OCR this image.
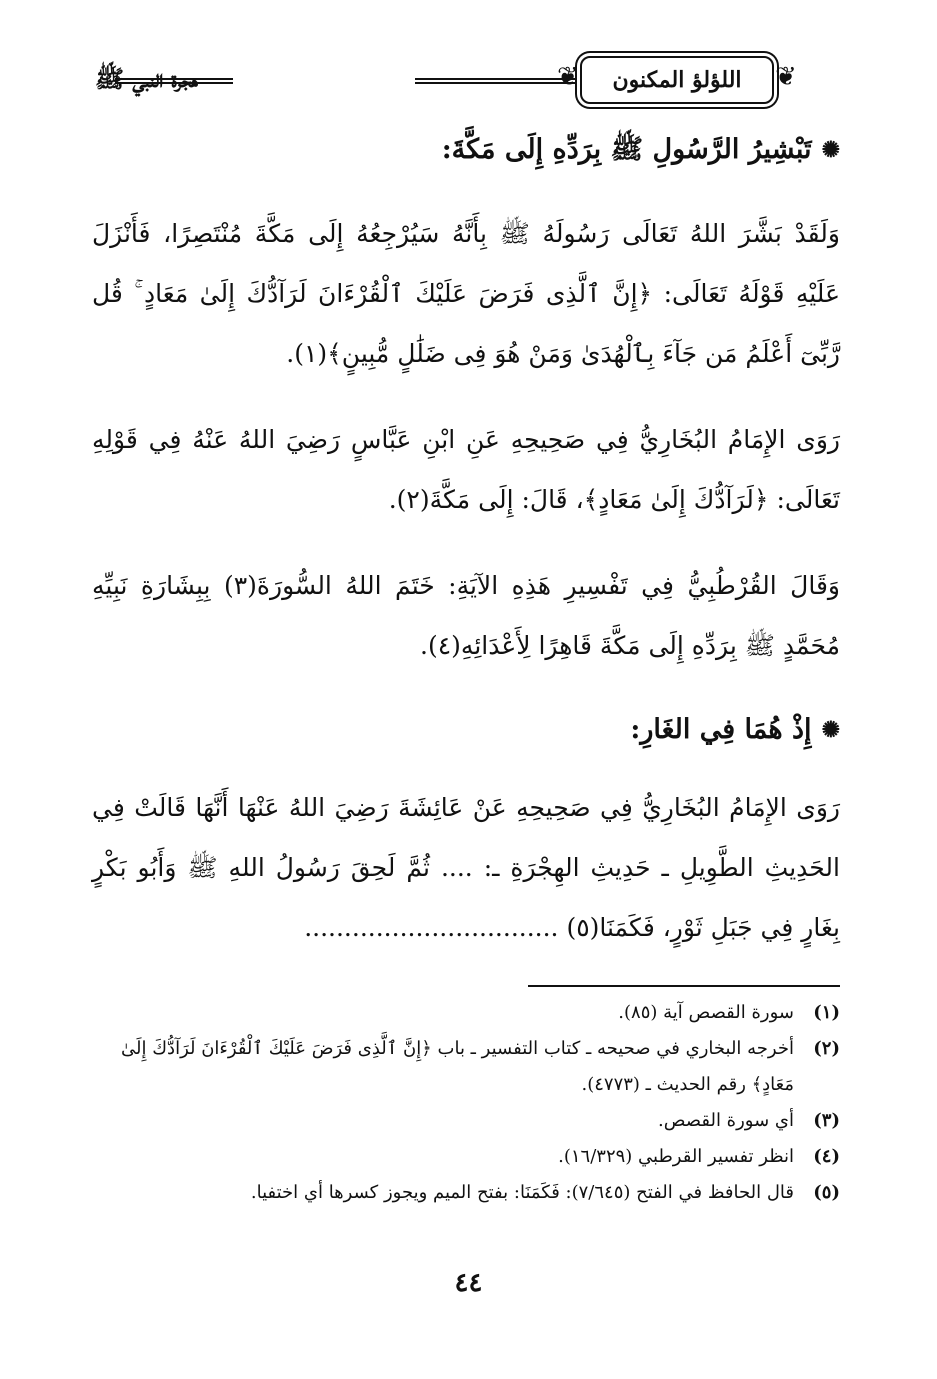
هجرة النبي ﷺ	❦ اللؤلؤ المكنون ❦
✺
تَبْشِيرُ الرَّسُولِ ﷺ بِرَدِّهِ إِلَى مَكَّةَ:

وَلَقَدْ بَشَّرَ اللهُ تَعَالَى رَسُولَهُ ﷺ بِأَنَّهُ سَيُرْجِعُهُ إِلَى مَكَّةَ مُنْتَصِرًا، فَأَنْزَلَ عَلَيْهِ قَوْلَهُ تَعَالَى: ﴿إِنَّ ٱلَّذِى فَرَضَ عَلَيْكَ ٱلْقُرْءَانَ لَرَآدُّكَ إِلَىٰ مَعَادٍ ۚ قُل رَّبِّىٓ أَعْلَمُ مَن جَآءَ بِٱلْهُدَىٰ وَمَنْ هُوَ فِى ضَلَٰلٍ مُّبِينٍ﴾(١).

رَوَى الإِمَامُ البُخَارِيُّ فِي صَحِيحِهِ عَنِ ابْنِ عَبَّاسٍ رَضِيَ اللهُ عَنْهُ فِي قَوْلِهِ تَعَالَى: ﴿لَرَآدُّكَ إِلَىٰ مَعَادٍ﴾، قَالَ: إِلَى مَكَّةَ(٢).

وَقَالَ القُرْطُبِيُّ فِي تَفْسِيرِ هَذِهِ الآيَةِ: خَتَمَ اللهُ السُّورَةَ(٣) بِبِشَارَةِ نَبِيِّهِ مُحَمَّدٍ ﷺ بِرَدِّهِ إِلَى مَكَّةَ قَاهِرًا لِأَعْدَائِهِ(٤).

✺
إِذْ هُمَا فِي الغَارِ:

رَوَى الإِمَامُ البُخَارِيُّ فِي صَحِيحِهِ عَنْ عَائِشَةَ رَضِيَ اللهُ عَنْهَا أَنَّهَا قَالَتْ فِي الحَدِيثِ الطَّوِيلِ ـ حَدِيثِ الهِجْرَةِ ـ: .... ثُمَّ لَحِقَ رَسُولُ اللهِ ﷺ وَأَبُو بَكْرٍ بِغَارٍ فِي جَبَلِ ثَوْرٍ، فَكَمَنَا(٥) ................................

(١)
سورة القصص آية (٨٥).

(٢)
أخرجه البخاري في صحيحه ـ كتاب التفسير ـ باب ﴿إِنَّ ٱلَّذِى فَرَضَ عَلَيْكَ ٱلْقُرْءَانَ لَرَآدُّكَ إِلَىٰ مَعَادٍ﴾ رقم الحديث ـ (٤٧٧٣).

(٣)
أي سورة القصص.

(٤)
انظر تفسير القرطبي (١٦/٣٢٩).

(٥)
قال الحافظ في الفتح (٧/٦٤٥): فَكَمَنَا: بفتح الميم ويجوز كسرها أي اختفيا.

٤٤
